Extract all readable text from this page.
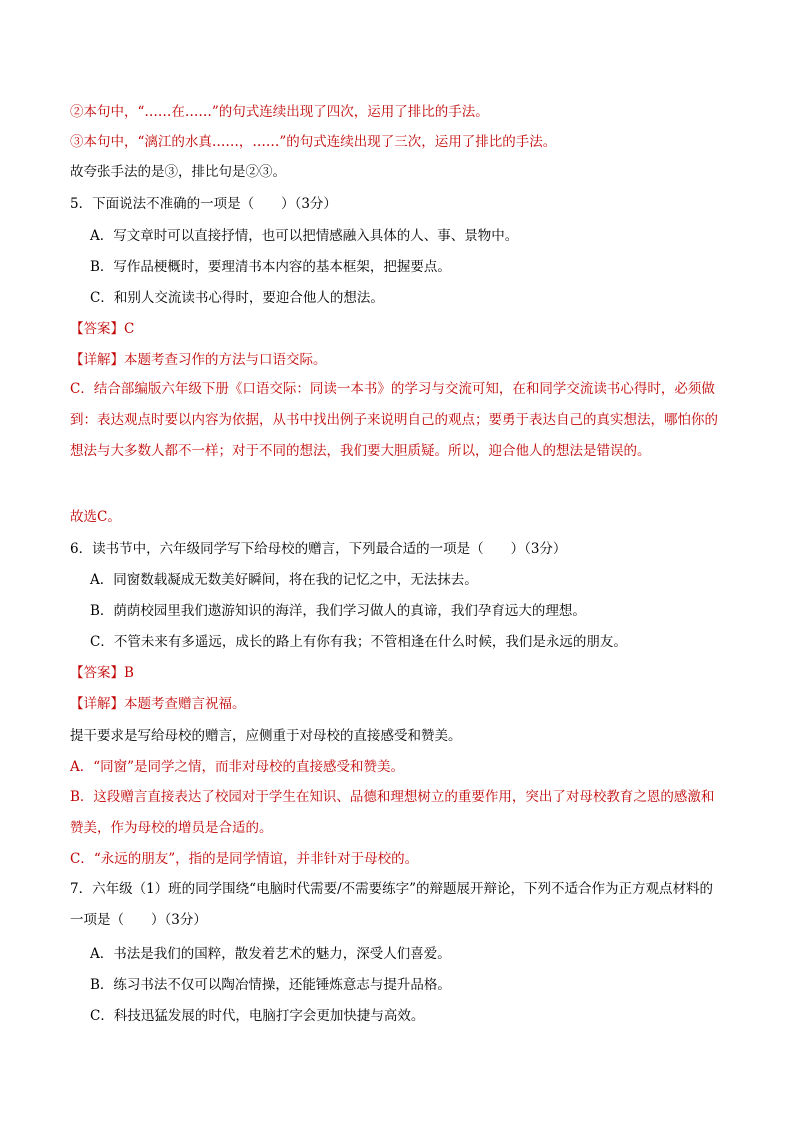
②本句中，“……在……”的句式连续出现了四次，运用了排比的手法。
③本句中，“漓江的水真……，……”的句式连续出现了三次，运用了排比的手法。
故夸张手法的是③，排比句是②③。
5．下面说法不准确的一项是（　　）（3分）
A．写文章时可以直接抒情，也可以把情感融入具体的人、事、景物中。
B．写作品梗概时，要理清书本内容的基本框架，把握要点。
C．和别人交流读书心得时，要迎合他人的想法。
【答案】C
【详解】本题考查习作的方法与口语交际。
C．结合部编版六年级下册《口语交际：同读一本书》的学习与交流可知，在和同学交流读书心得时，必须做到：表达观点时要以内容为依据，从书中找出例子来说明自己的观点；要勇于表达自己的真实想法，哪怕你的想法与大多数人都不一样；对于不同的想法，我们要大胆质疑。所以，迎合他人的想法是错误的。
故选C。
6．读书节中，六年级同学写下给母校的赠言，下列最合适的一项是（　　）（3分）
A．同窗数载凝成无数美好瞬间，将在我的记忆之中，无法抹去。
B．荫荫校园里我们遨游知识的海洋，我们学习做人的真谛，我们孕育远大的理想。
C．不管未来有多遥远，成长的路上有你有我；不管相逢在什么时候，我们是永远的朋友。
【答案】B
【详解】本题考查赠言祝福。
提干要求是写给母校的赠言，应侧重于对母校的直接感受和赞美。
A．“同窗”是同学之情，而非对母校的直接感受和赞美。
B．这段赠言直接表达了校园对于学生在知识、品德和理想树立的重要作用，突出了对母校教育之恩的感激和赞美，作为母校的增员是合适的。
C．“永远的朋友”，指的是同学情谊，并非针对于母校的。
7．六年级（1）班的同学围绕“电脑时代需要/不需要练字”的辩题展开辩论，下列不适合作为正方观点材料的一项是（　　）（3分）
A．书法是我们的国粹，散发着艺术的魅力，深受人们喜爱。
B．练习书法不仅可以陶冶情操，还能锤炼意志与提升品格。
C．科技迅猛发展的时代，电脑打字会更加快捷与高效。
